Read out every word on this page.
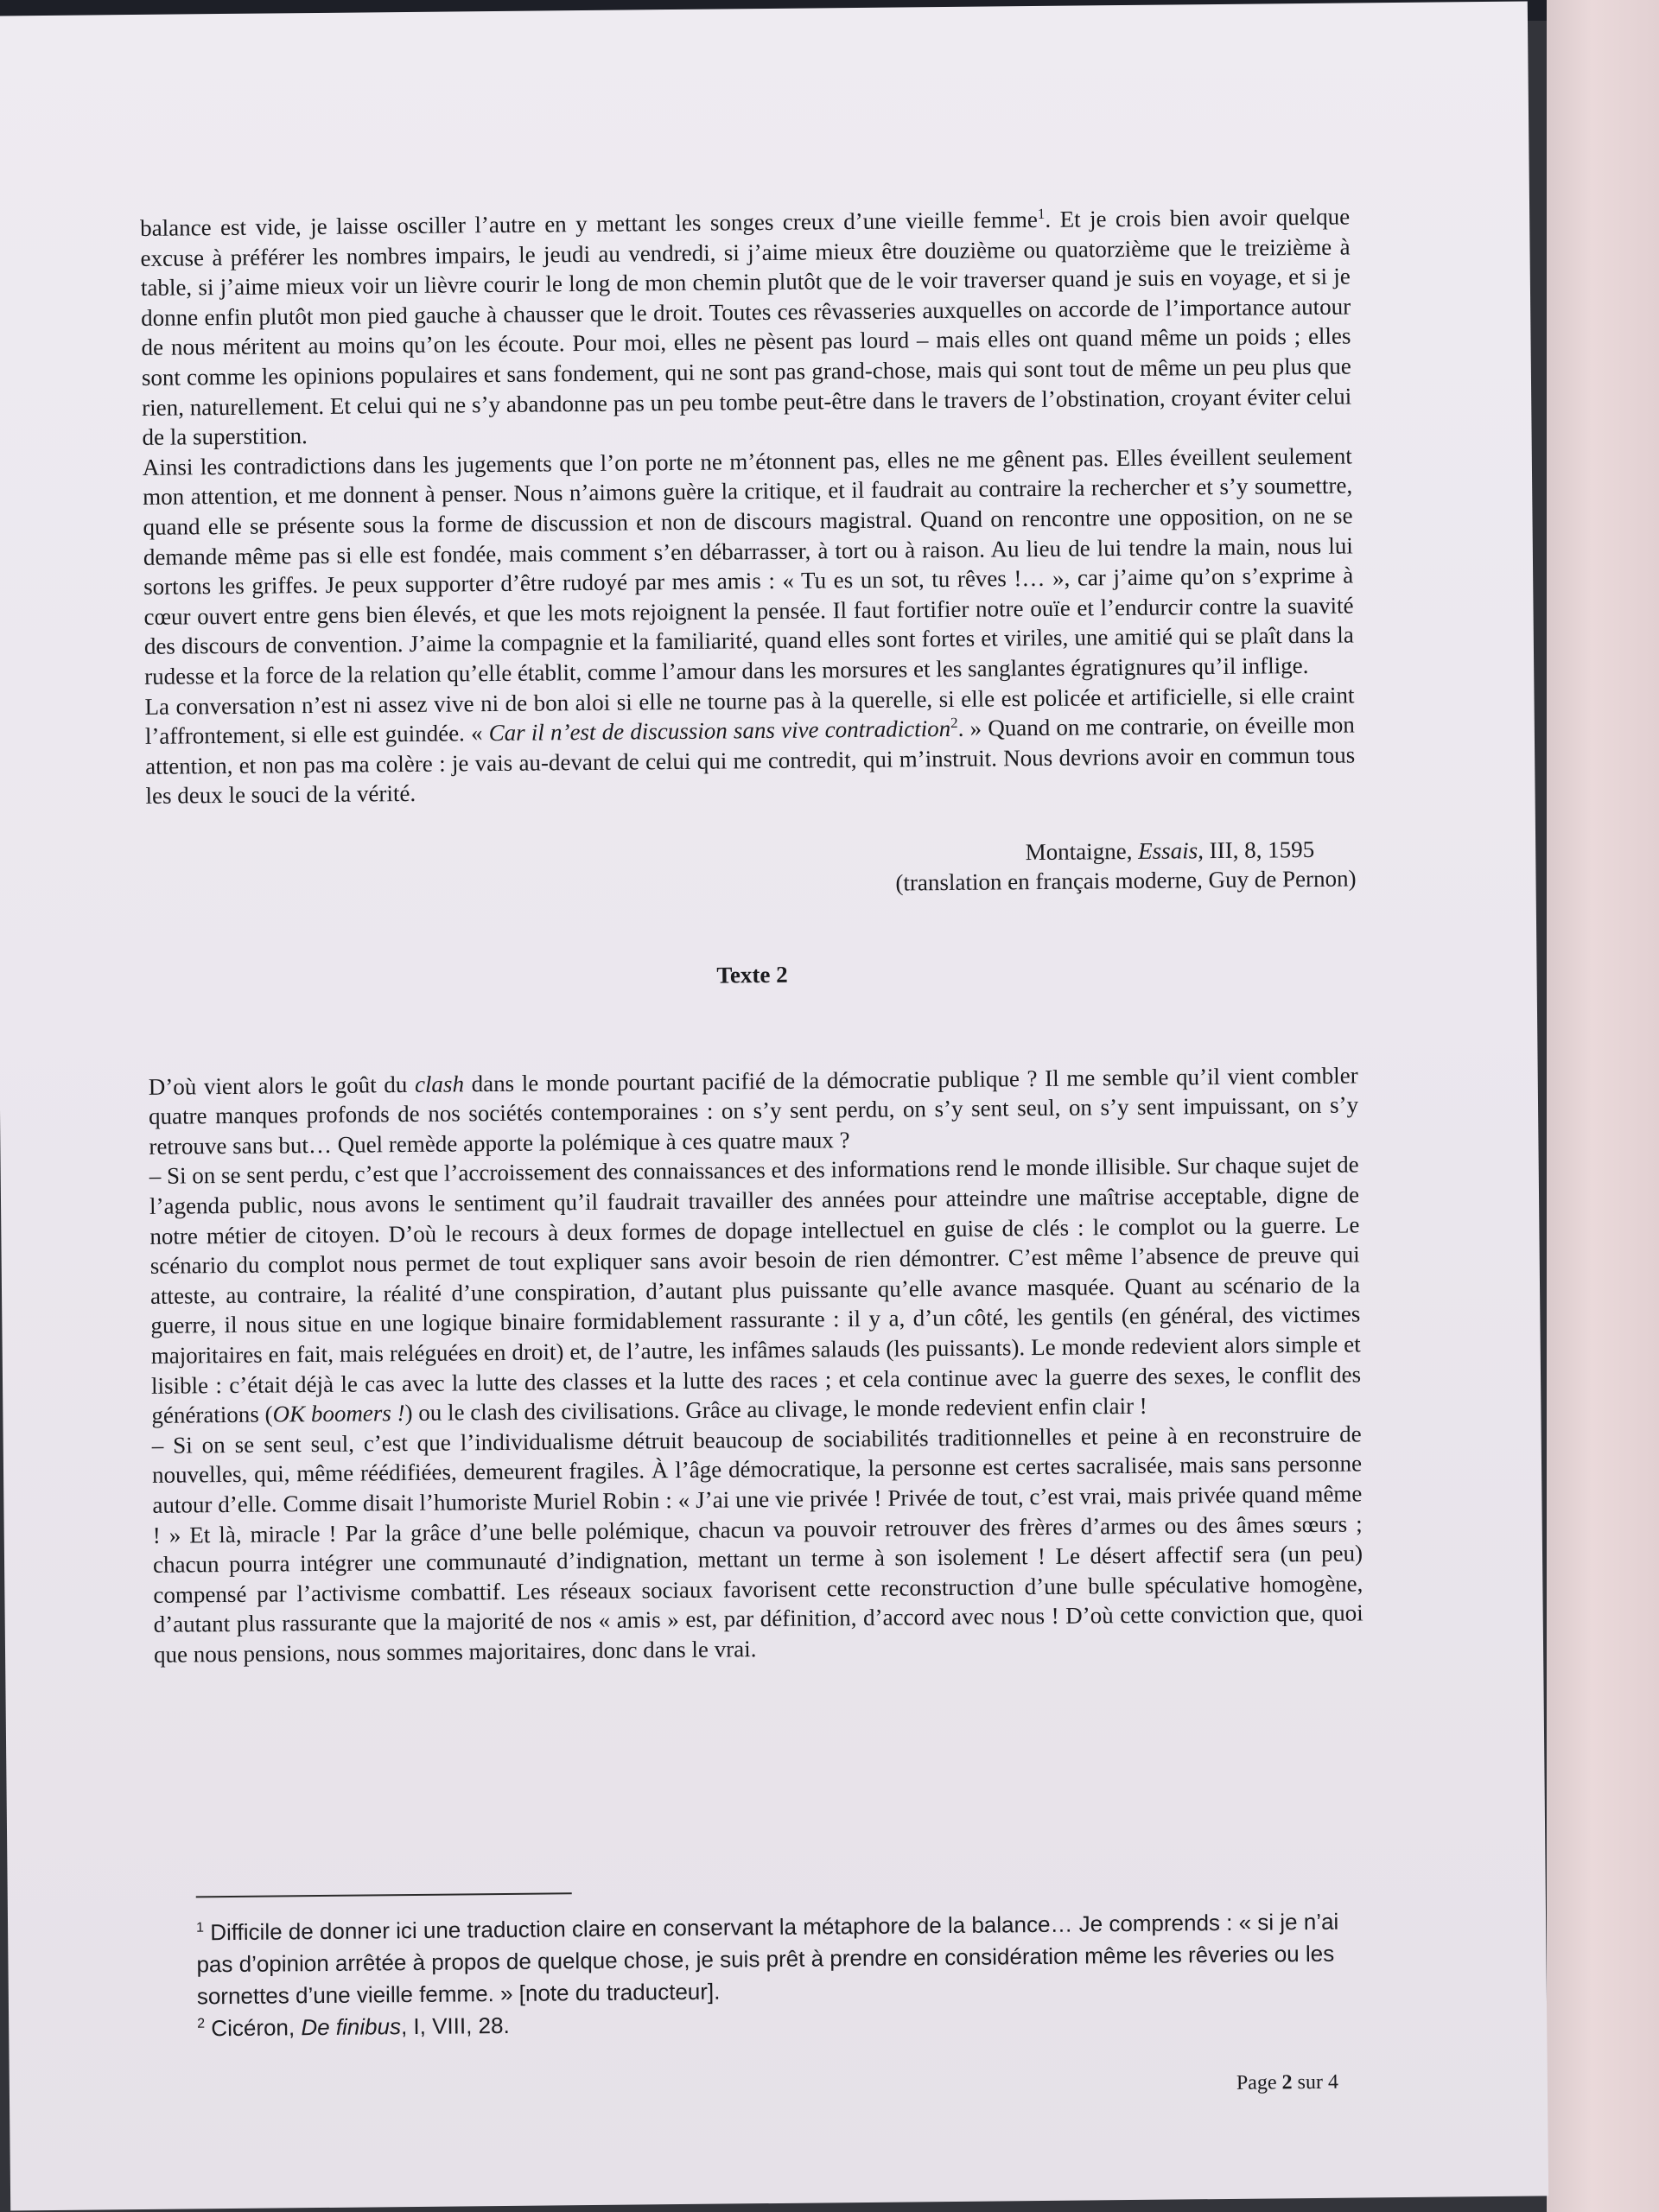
balance est vide, je laisse osciller l’autre en y mettant les songes creux d’une vieille femme$^1$. Et je crois bien avoir quelque excuse à préférer les nombres impairs, le jeudi au vendredi, si j’aime mieux être douzième ou quatorzième que le treizième à table, si j’aime mieux voir un lièvre courir le long de mon chemin plutôt que de le voir traverser quand je suis en voyage, et si je donne enfin plutôt mon pied gauche à chausser que le droit. Toutes ces rêvasseries auxquelles on accorde de l’importance autour de nous méritent au moins qu’on les écoute. Pour moi, elles ne pèsent pas lourd – mais elles ont quand même un poids ; elles sont comme les opinions populaires et sans fondement, qui ne sont pas grand-chose, mais qui sont tout de même un peu plus que rien, naturellement. Et celui qui ne s’y abandonne pas un peu tombe peut-être dans le travers de l’obstination, croyant éviter celui de la superstition.

Ainsi les contradictions dans les jugements que l’on porte ne m’étonnent pas, elles ne me gênent pas. Elles éveillent seulement mon attention, et me donnent à penser. Nous n’aimons guère la critique, et il faudrait au contraire la rechercher et s’y soumettre, quand elle se présente sous la forme de discussion et non de discours magistral. Quand on rencontre une opposition, on ne se demande même pas si elle est fondée, mais comment s’en débarrasser, à tort ou à raison. Au lieu de lui tendre la main, nous lui sortons les griffes. Je peux supporter d’être rudoyé par mes amis : « Tu es un sot, tu rêves !… », car j’aime qu’on s’exprime à cœur ouvert entre gens bien élevés, et que les mots rejoignent la pensée. Il faut fortifier notre ouïe et l’endurcir contre la suavité des discours de convention. J’aime la compagnie et la familiarité, quand elles sont fortes et viriles, une amitié qui se plaît dans la rudesse et la force de la relation qu’elle établit, comme l’amour dans les morsures et les sanglantes égratignures qu’il inflige.

La conversation n’est ni assez vive ni de bon aloi si elle ne tourne pas à la querelle, si elle est policée et artificielle, si elle craint l’affrontement, si elle est guindée. « Car il n’est de discussion sans vive contradiction$^2$. » Quand on me contrarie, on éveille mon attention, et non pas ma colère : je vais au-devant de celui qui me contredit, qui m’instruit. Nous devrions avoir en commun tous les deux le souci de la vérité.

Montaigne, Essais, III, 8, 1595
(translation en français moderne, Guy de Pernon)
Texte 2

D’où vient alors le goût du clash dans le monde pourtant pacifié de la démocratie publique ? Il me semble qu’il vient combler quatre manques profonds de nos sociétés contemporaines : on s’y sent perdu, on s’y sent seul, on s’y sent impuissant, on s’y retrouve sans but… Quel remède apporte la polémique à ces quatre maux ?

– Si on se sent perdu, c’est que l’accroissement des connaissances et des informations rend le monde illisible. Sur chaque sujet de l’agenda public, nous avons le sentiment qu’il faudrait travailler des années pour atteindre une maîtrise acceptable, digne de notre métier de citoyen. D’où le recours à deux formes de dopage intellectuel en guise de clés : le complot ou la guerre. Le scénario du complot nous permet de tout expliquer sans avoir besoin de rien démontrer. C’est même l’absence de preuve qui atteste, au contraire, la réalité d’une conspiration, d’autant plus puissante qu’elle avance masquée. Quant au scénario de la guerre, il nous situe en une logique binaire formidablement rassurante : il y a, d’un côté, les gentils (en général, des victimes majoritaires en fait, mais reléguées en droit) et, de l’autre, les infâmes salauds (les puissants). Le monde redevient alors simple et lisible : c’était déjà le cas avec la lutte des classes et la lutte des races ; et cela continue avec la guerre des sexes, le conflit des générations (OK boomers !) ou le clash des civilisations. Grâce au clivage, le monde redevient enfin clair !

– Si on se sent seul, c’est que l’individualisme détruit beaucoup de sociabilités traditionnelles et peine à en reconstruire de nouvelles, qui, même réédifiées, demeurent fragiles. À l’âge démocratique, la personne est certes sacralisée, mais sans personne autour d’elle. Comme disait l’humoriste Muriel Robin : « J’ai une vie privée ! Privée de tout, c’est vrai, mais privée quand même ! » Et là, miracle ! Par la grâce d’une belle polémique, chacun va pouvoir retrouver des frères d’armes ou des âmes sœurs ; chacun pourra intégrer une communauté d’indignation, mettant un terme à son isolement ! Le désert affectif sera (un peu) compensé par l’activisme combattif. Les réseaux sociaux favorisent cette reconstruction d’une bulle spéculative homogène, d’autant plus rassurante que la majorité de nos « amis » est, par définition, d’accord avec nous ! D’où cette conviction que, quoi que nous pensions, nous sommes majoritaires, donc dans le vrai.

$^1$ Difficile de donner ici une traduction claire en conservant la métaphore de la balance… Je comprends : « si je n’ai pas d’opinion arrêtée à propos de quelque chose, je suis prêt à prendre en considération même les rêveries ou les sornettes d’une vieille femme. » [note du traducteur].

$^2$ Cicéron, De finibus, I, VIII, 28.

Page 2 sur 4
